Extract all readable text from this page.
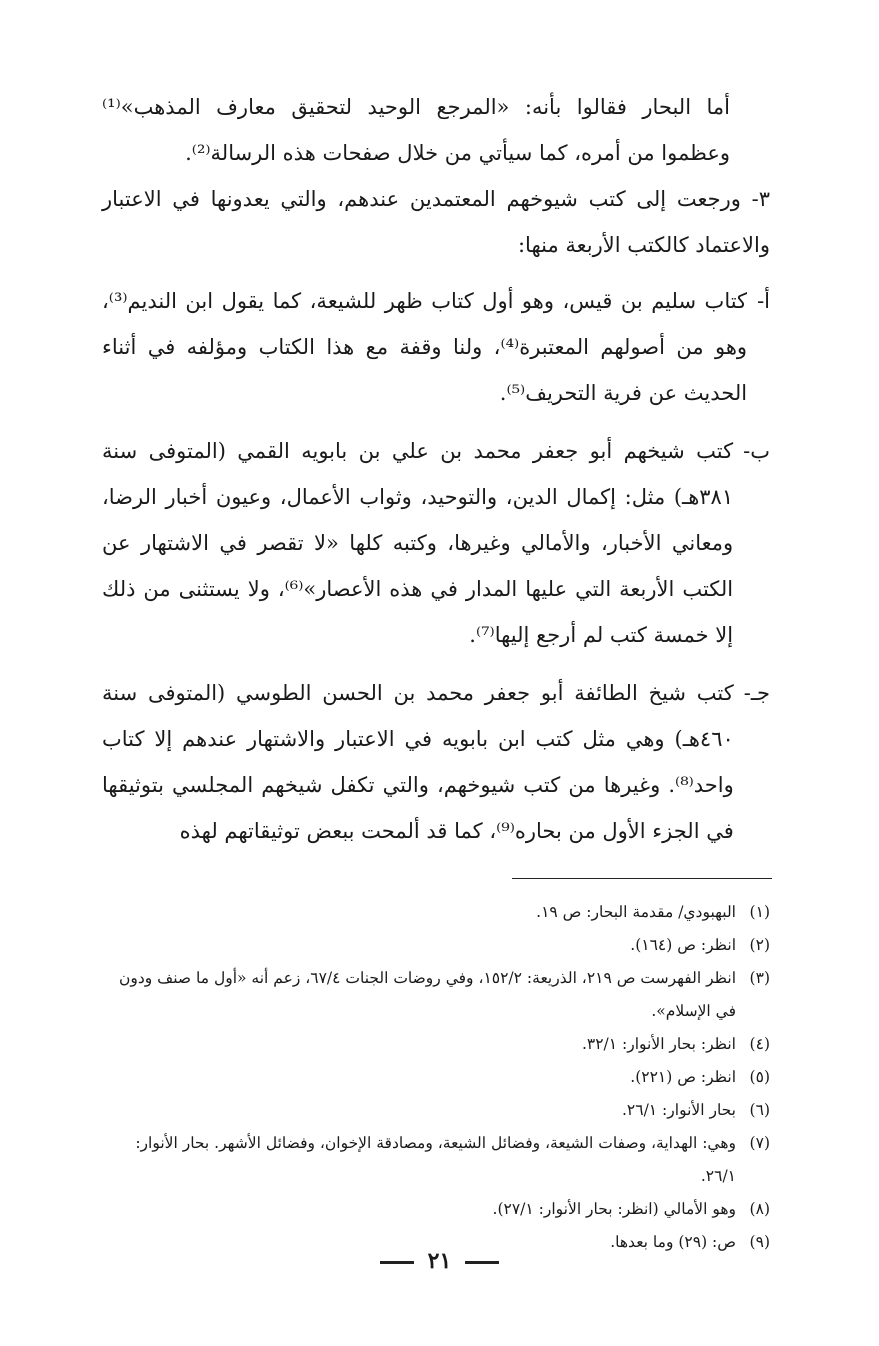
أما البحار فقالوا بأنه: «المرجع الوحيد لتحقيق معارف المذهب»⁽¹⁾ وعظموا من أمره، كما سيأتي من خلال صفحات هذه الرسالة⁽²⁾.

٣- ورجعت إلى كتب شيوخهم المعتمدين عندهم، والتي يعدونها في الاعتبار والاعتماد كالكتب الأربعة منها:

أ-
كتاب سليم بن قيس، وهو أول كتاب ظهر للشيعة، كما يقول ابن النديم⁽³⁾، وهو من أصولهم المعتبرة⁽⁴⁾، ولنا وقفة مع هذا الكتاب ومؤلفه في أثناء الحديث عن فرية التحريف⁽⁵⁾.
ب-
كتب شيخهم أبو جعفر محمد بن علي بن بابويه القمي (المتوفى سنة ٣٨١هـ) مثل: إكمال الدين، والتوحيد، وثواب الأعمال، وعيون أخبار الرضا، ومعاني الأخبار، والأمالي وغيرها، وكتبه كلها «لا تقصر في الاشتهار عن الكتب الأربعة التي عليها المدار في هذه الأعصار»⁽⁶⁾، ولا يستثنى من ذلك إلا خمسة كتب لم أرجع إليها⁽⁷⁾.
جـ-
كتب شيخ الطائفة أبو جعفر محمد بن الحسن الطوسي (المتوفى سنة ٤٦٠هـ) وهي مثل كتب ابن بابويه في الاعتبار والاشتهار عندهم إلا كتاب واحد⁽⁸⁾. وغيرها من كتب شيوخهم، والتي تكفل شيخهم المجلسي بتوثيقها في الجزء الأول من بحاره⁽⁹⁾، كما قد ألمحت ببعض توثيقاتهم لهذه
(١)
البهبودي/ مقدمة البحار: ص ١٩.
(٢)
انظر: ص (١٦٤).
(٣)
انظر الفهرست ص ٢١٩، الذريعة: ١٥٢/٢، وفي روضات الجنات ٦٧/٤، زعم أنه «أول ما صنف ودون في الإسلام».
(٤)
انظر: بحار الأنوار: ٣٢/١.
(٥)
انظر: ص (٢٢١).
(٦)
بحار الأنوار: ٢٦/١.
(٧)
وهي: الهداية، وصفات الشيعة، وفضائل الشيعة، ومصادقة الإخوان، وفضائل الأشهر. بحار الأنوار: ٢٦/١.
(٨)
وهو الأمالي (انظر: بحار الأنوار: ٢٧/١).
(٩)
ص: (٢٩) وما بعدها.
٢١
